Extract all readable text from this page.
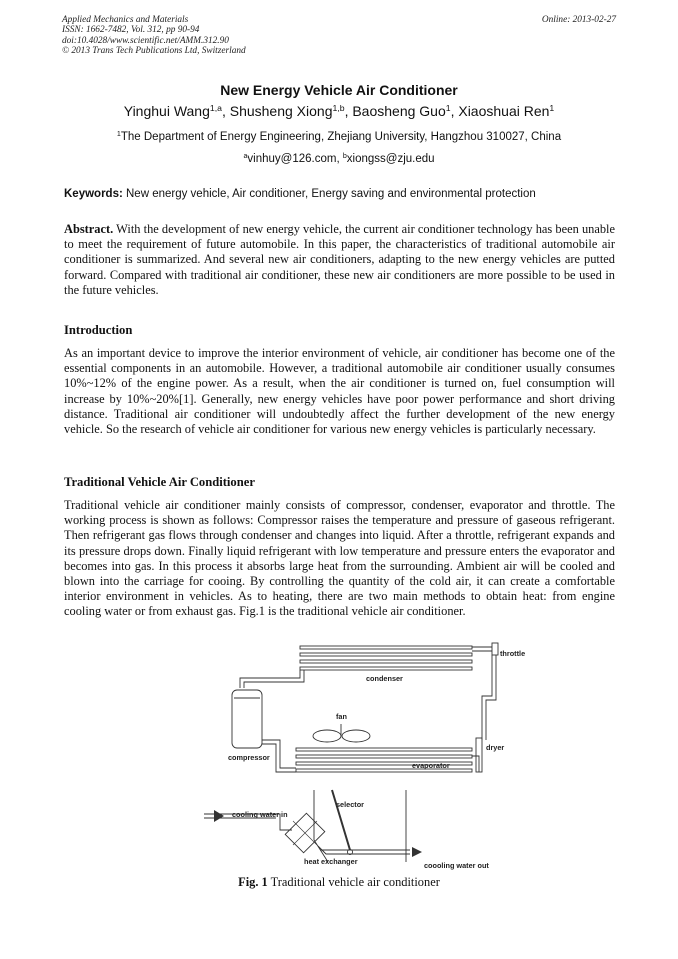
Applied Mechanics and Materials
ISSN: 1662-7482, Vol. 312, pp 90-94
doi:10.4028/www.scientific.net/AMM.312.90
© 2013 Trans Tech Publications Ltd, Switzerland
Online: 2013-02-27
New Energy Vehicle Air Conditioner
Yinghui Wang$^{1,a}$, Shusheng Xiong$^{1,b}$, Baosheng Guo$^1$, Xiaoshuai Ren$^1$
$^1$The Department of Energy Engineering, Zhejiang University, Hangzhou 310027, China
$^a$vinhuy@126.com, $^b$xiongss@zju.edu
Keywords: New energy vehicle, Air conditioner, Energy saving and environmental protection
Abstract. With the development of new energy vehicle, the current air conditioner technology has been unable to meet the requirement of future automobile. In this paper, the characteristics of traditional automobile air conditioner is summarized. And several new air conditioners, adapting to the new energy vehicles are putted forward. Compared with traditional air conditioner, these new air conditioners are more possible to be used in the future vehicles.
Introduction
As an important device to improve the interior environment of vehicle, air conditioner has become one of the essential components in an automobile. However, a traditional automobile air conditioner usually consumes 10%~12% of the engine power. As a result, when the air conditioner is turned on, fuel consumption will increase by 10%~20%[1]. Generally, new energy vehicles have poor power performance and short driving distance. Traditional air conditioner will undoubtedly affect the further development of the new energy vehicle. So the research of vehicle air conditioner for various new energy vehicles is particularly necessary.
Traditional Vehicle Air Conditioner
Traditional vehicle air conditioner mainly consists of compressor, condenser, evaporator and throttle. The working process is shown as follows: Compressor raises the temperature and pressure of gaseous refrigerant. Then refrigerant gas flows through condenser and changes into liquid. After a throttle, refrigerant expands and its pressure drops down. Finally liquid refrigerant with low temperature and pressure enters the evaporator and becomes into gas. In this process it absorbs large heat from the surrounding. Ambient air will be cooled and blown into the carriage for cooing. By controlling the quantity of the cold air, it can create a comfortable interior environment in vehicles. As to heating, there are two main methods to obtain heat: from engine cooling water or from exhaust gas. Fig.1 is the traditional vehicle air conditioner.
throttle
condenser
fan
compressor
evaporator
dryer
selector
cooling water in
heat exchanger	coooling water out
Fig. 1 Traditional vehicle air conditioner
